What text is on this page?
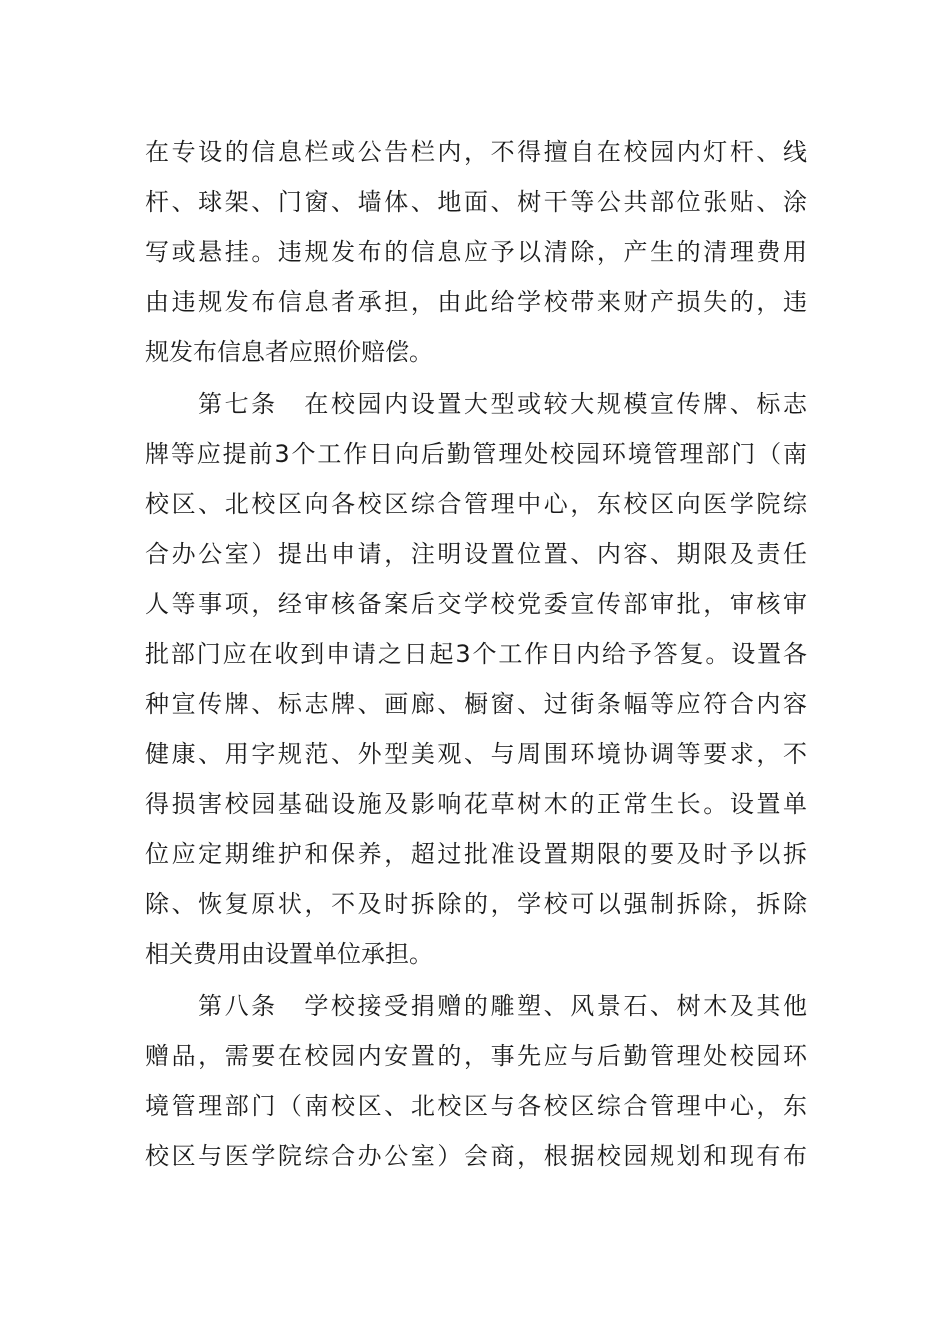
在专设的信息栏或公告栏内，不得擅自在校园内灯杆、线
杆、球架、门窗、墙体、地面、树干等公共部位张贴、涂
写或悬挂。违规发布的信息应予以清除，产生的清理费用
由违规发布信息者承担，由此给学校带来财产损失的，违
规发布信息者应照价赔偿。
第七条　在校园内设置大型或较大规模宣传牌、标志
牌等应提前3个工作日向后勤管理处校园环境管理部门（南
校区、北校区向各校区综合管理中心，东校区向医学院综
合办公室）提出申请，注明设置位置、内容、期限及责任
人等事项，经审核备案后交学校党委宣传部审批，审核审
批部门应在收到申请之日起3个工作日内给予答复。设置各
种宣传牌、标志牌、画廊、橱窗、过街条幅等应符合内容
健康、用字规范、外型美观、与周围环境协调等要求，不
得损害校园基础设施及影响花草树木的正常生长。设置单
位应定期维护和保养，超过批准设置期限的要及时予以拆
除、恢复原状，不及时拆除的，学校可以强制拆除，拆除
相关费用由设置单位承担。
第八条　学校接受捐赠的雕塑、风景石、树木及其他
赠品，需要在校园内安置的，事先应与后勤管理处校园环
境管理部门（南校区、北校区与各校区综合管理中心，东
校区与医学院综合办公室）会商，根据校园规划和现有布
